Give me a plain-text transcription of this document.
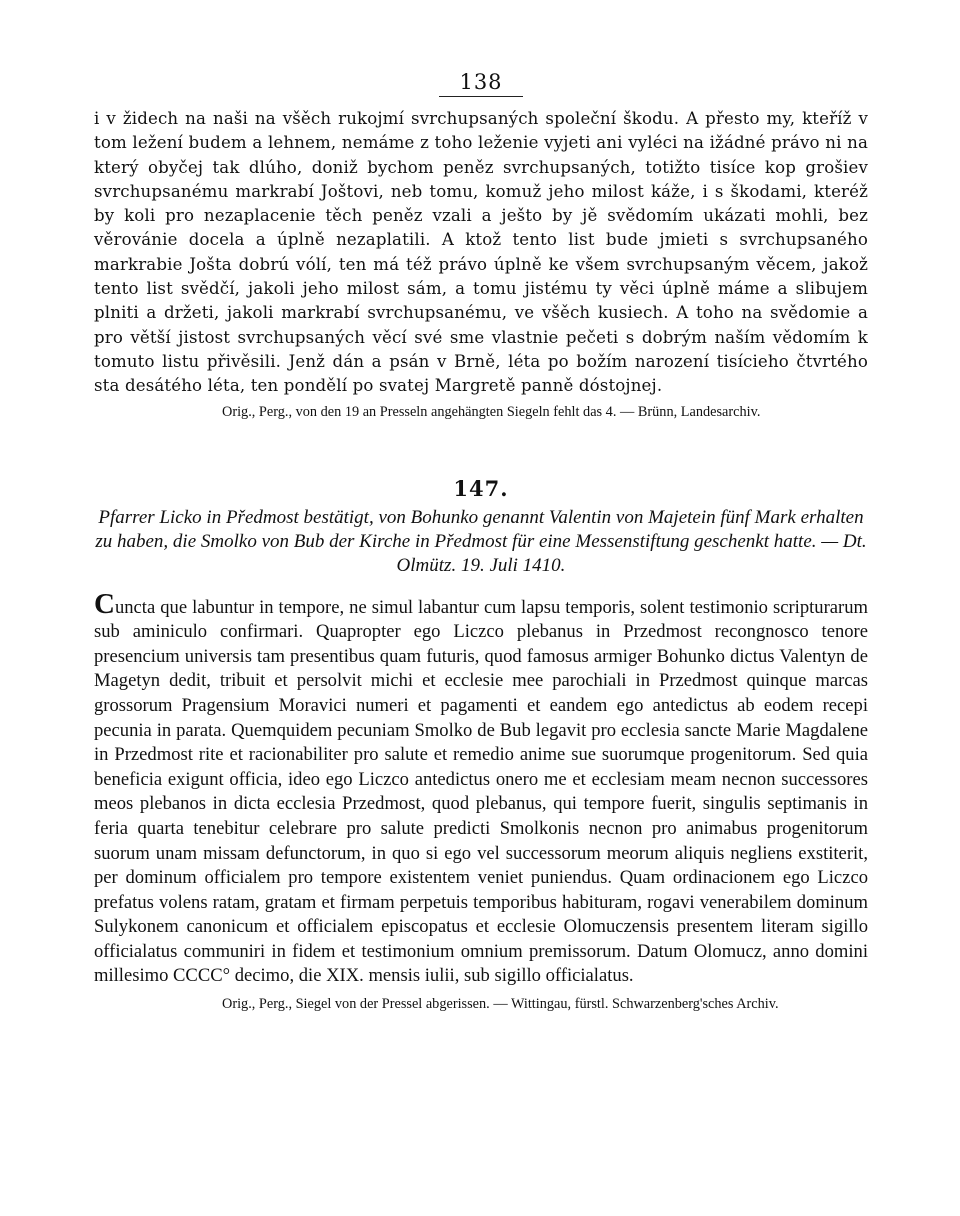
138

i v židech na naši na všěch rukojmí svrchupsaných společní škodu. A přesto my, kteříž v tom ležení budem a lehnem, nemáme z toho leženie vyjeti ani vyléci na ižádné právo ni na který obyčej tak dlúho, doniž bychom peněz svrchupsaných, totižto tisíce kop grošiev svrchupsanému markrabí Joštovi, neb tomu, komuž jeho milost káže, i s škodami, kteréž by koli pro nezaplacenie těch peněz vzali a ješto by jě svědomím ukázati mohli, bez věrovánie docela a úplně nezaplatili. A ktož tento list bude jmieti s svrchupsaného markrabie Jošta dobrú vólí, ten má též právo úplně ke všem svrchupsaným věcem, jakož tento list svědčí, jakoli jeho milost sám, a tomu jistému ty věci úplně máme a slibujem plniti a držeti, jakoli markrabí svrchupsanému, ve všěch kusiech. A toho na svědomie a pro větší jistost svrchupsaných věcí své sme vlastnie pečeti s dobrým naším vědomím k tomuto listu přivěsili. Jenž dán a psán v Brně, léta po božím narození tisícieho čtvrtého sta desátého léta, ten pondělí po svatej Margretě panně dóstojnej.

Orig., Perg., von den 19 an Presseln angehängten Siegeln fehlt das 4. — Brünn, Landesarchiv.

147.

Pfarrer Licko in Předmost bestätigt, von Bohunko genannt Valentin von Majetein fünf Mark erhalten zu haben, die Smolko von Bub der Kirche in Předmost für eine Messenstiftung geschenkt hatte. — Dt. Olmütz. 19. Juli 1410.

Cuncta que labuntur in tempore, ne simul labantur cum lapsu temporis, solent testimonio scripturarum sub aminiculo confirmari. Quapropter ego Liczco plebanus in Przedmost recongnosco tenore presencium universis tam presentibus quam futuris, quod famosus armiger Bohunko dictus Valentyn de Magetyn dedit, tribuit et persolvit michi et ecclesie mee parochiali in Przedmost quinque marcas grossorum Pragensium Moravici numeri et pagamenti et eandem ego antedictus ab eodem recepi pecunia in parata. Quemquidem pecuniam Smolko de Bub legavit pro ecclesia sancte Marie Magdalene in Przedmost rite et racionabiliter pro salute et remedio anime sue suorumque progenitorum. Sed quia beneficia exigunt officia, ideo ego Liczco antedictus onero me et ecclesiam meam necnon successores meos plebanos in dicta ecclesia Przedmost, quod plebanus, qui tempore fuerit, singulis septimanis in feria quarta tenebitur celebrare pro salute predicti Smolkonis necnon pro animabus progenitorum suorum unam missam defunctorum, in quo si ego vel successorum meorum aliquis negliens exstiterit, per dominum officialem pro tempore existentem veniet puniendus. Quam ordinacionem ego Liczco prefatus volens ratam, gratam et firmam perpetuis temporibus habituram, rogavi venerabilem dominum Sulykonem canonicum et officialem episcopatus et ecclesie Olomuczensis presentem literam sigillo officialatus communiri in fidem et testimonium omnium premissorum. Datum Olomucz, anno domini millesimo CCCC° decimo, die XIX. mensis iulii, sub sigillo officialatus.

Orig., Perg., Siegel von der Pressel abgerissen. — Wittingau, fürstl. Schwarzenberg'sches Archiv.
